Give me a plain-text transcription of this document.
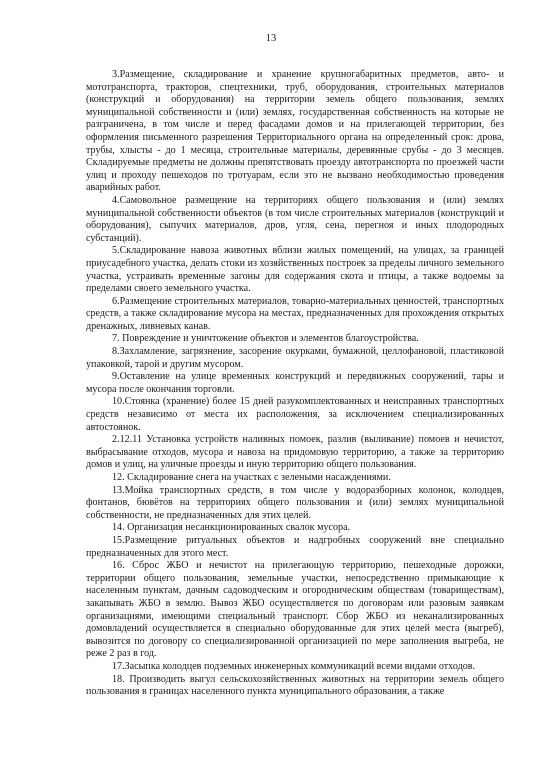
13

3.Размещение, складирование и хранение крупногабаритных предметов, авто- и мототранспорта, тракторов, спецтехники, труб, оборудования, строительных материалов (конструкций и оборудования) на территории земель общего пользования, землях муниципальной собственности и (или) землях, государственная собственность на которые не разграничена, в том числе и перед фасадами домов и на прилегающей территории, без оформления письменного разрешения Территориального органа на определенный срок: дрова, трубы, хлысты - до 1 месяца, строительные материалы, деревянные срубы - до 3 месяцев. Складируемые предметы не должны препятствовать проезду автотранспорта по проезжей части улиц и проходу пешеходов по тротуарам, если это не вызвано необходимостью проведения аварийных работ.

4.Самовольное размещение на территориях общего пользования и (или) землях муниципальной собственности объектов (в том числе строительных материалов (конструкций и оборудования), сыпучих материалов, дров, угля, сена, перегноя и иных плодородных субстанций).

5.Складирование навоза животных вблизи жилых помещений, на улицах, за границей приусадебного участка, делать стоки из хозяйственных построек за пределы личного земельного участка, устраивать временные загоны для содержания скота и птицы, а также водоемы за пределами своего земельного участка.

6.Размещение строительных материалов, товарно-материальных ценностей, транспортных средств, а также складирование мусора на местах, предназначенных для прохождения открытых дренажных, ливневых канав.

7. Повреждение и уничтожение объектов и элементов благоустройства.

8.Захламление, загрязнение, засорение окурками, бумажной, целлофановой, пластиковой упаковкой, тарой и другим мусором.

9.Оставление на улице временных конструкций и передвижных сооружений, тары и мусора после окончания торговли.

10.Стоянка (хранение) более 15 дней разукомплектованных и неисправных транспортных средств независимо от места их расположения, за исключением специализированных автостоянок.

2.12.11 Установка устройств наливных помоек, разлив (выливание) помоев и нечистот, выбрасывание отходов, мусора и навоза на придомовую территорию, а также за территорию домов и улиц, на уличные проезды и иную территорию общего пользования.

12. Складирование снега на участках с зелеными насаждениями.

13.Мойка транспортных средств, в том числе у водоразборных колонок, колодцев, фонтанов, бювётов на территориях общего пользования и (или) землях муниципальной собственности, не предназначенных для этих целей.

14. Организация несанкционированных свалок мусора.

15.Размещение ритуальных объектов и надгробных сооружений вне специально предназначенных для этого мест.

16. Сброс ЖБО и нечистот на прилегающую территорию, пешеходные дорожки, территории общего пользования, земельные участки, непосредственно примыкающие к населенным пунктам, дачным садоводческим и огородническим обществам (товариществам), закапывать ЖБО в землю. Вывоз ЖБО осуществляется по договорам или разовым заявкам организациями, имеющими специальный транспорт. Сбор ЖБО из неканализированных домовладений осуществляется в специально оборудованные для этих целей места (выгреб), вывозится по договору со специализированной организацией по мере заполнения выгреба, не реже 2 раз в год.

17.Засыпка колодцев подземных инженерных коммуникаций всеми видами отходов.

18. Производить выгул сельскохозяйственных животных на территории земель общего пользования в границах населенного пункта муниципального образования, а также
